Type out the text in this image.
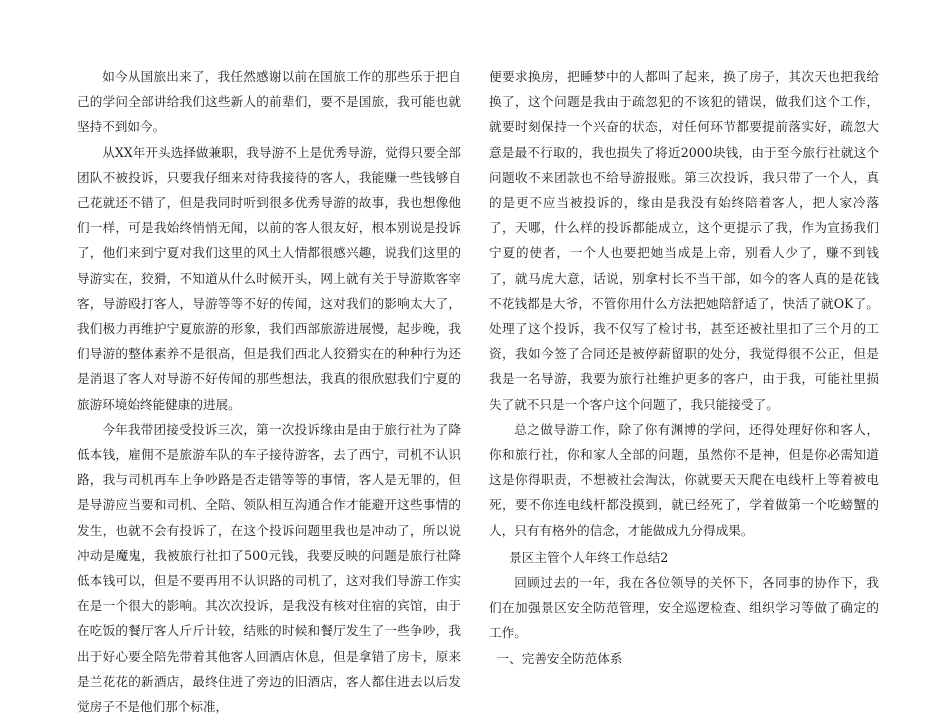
如今从国旅出来了，我任然感谢以前在国旅工作的那些乐于把自己的学问全部讲给我们这些新人的前辈们，要不是国旅，我可能也就坚持不到如今。

从XX年开头选择做兼职，我导游不上是优秀导游，觉得只要全部团队不被投诉，只要我仔细来对待我接待的客人，我能赚一些钱够自己花就还不错了，但是我同时听到很多优秀导游的故事，我也想像他们一样，可是我始终悄悄无闻，以前的客人很友好，根本别说是投诉了，他们来到宁夏对我们这里的风土人情都很感兴趣，说我们这里的导游实在，狡猾，不知道从什么时候开头，网上就有关于导游欺客宰客，导游殴打客人，导游等等不好的传闻，这对我们的影响太大了，我们极力再维护宁夏旅游的形象，我们西部旅游进展慢，起步晚，我们导游的整体素养不是很高，但是我们西北人狡猾实在的种种行为还是消退了客人对导游不好传闻的那些想法，我真的很欣慰我们宁夏的旅游环境始终能健康的进展。

今年我带团接受投诉三次，第一次投诉缘由是由于旅行社为了降低本钱，雇佣不是旅游车队的车子接待游客，去了西宁，司机不认识路，我与司机再车上争吵路是否走错等等的事情，客人是无罪的，但是导游应当要和司机、全陪、领队相互沟通合作才能避开这些事情的发生，也就不会有投诉了，在这个投诉问题里我也是冲动了，所以说冲动是魔鬼，我被旅行社扣了500元钱，我要反映的问题是旅行社降低本钱可以，但是不要再用不认识路的司机了，这对我们导游工作实在是一个很大的影响。其次次投诉，是我没有核对住宿的宾馆，由于在吃饭的餐厅客人斤斤计较，结账的时候和餐厅发生了一些争吵，我出于好心要全陪先带着其他客人回酒店休息，但是拿错了房卡，原来是兰花花的新酒店，最终住进了旁边的旧酒店，客人都住进去以后发觉房子不是他们那个标准，

便要求换房，把睡梦中的人都叫了起来，换了房子，其次天也把我给换了，这个问题是我由于疏忽犯的不该犯的错误，做我们这个工作，就要时刻保持一个兴奋的状态，对任何环节都要提前落实好，疏忽大意是最不行取的，我也损失了将近2000块钱，由于至今旅行社就这个问题收不来团款也不给导游报账。第三次投诉，我只带了一个人，真的是更不应当被投诉的，缘由是我没有始终陪着客人，把人家冷落了，天哪，什么样的投诉都能成立，这个更提示了我，作为宣扬我们宁夏的使者，一个人也要把她当成是上帝，别看人少了，赚不到钱了，就马虎大意，话说，别拿村长不当干部，如今的客人真的是花钱不花钱都是大爷，不管你用什么方法把她陪舒适了，快活了就OK了。处理了这个投诉，我不仅写了检讨书，甚至还被社里扣了三个月的工资，我如今签了合同还是被停薪留职的处分，我觉得很不公正，但是我是一名导游，我要为旅行社维护更多的客户，由于我，可能社里损失了就不只是一个客户这个问题了，我只能接受了。

总之做导游工作，除了你有渊博的学问，还得处理好你和客人，你和旅行社，你和家人全部的问题，虽然你不是神，但是你必需知道这是你得职责，不想被社会淘汰，你就要天天爬在电线杆上等着被电死，要不你连电线杆都没摸到，就已经死了，学着做第一个吃螃蟹的人，只有有格外的信念，才能做成九分得成果。

景区主管个人年终工作总结2

回顾过去的一年，我在各位领导的关怀下，各同事的协作下，我们在加强景区安全防范管理，安全巡逻检查、组织学习等做了确定的工作。

一、完善安全防范体系
